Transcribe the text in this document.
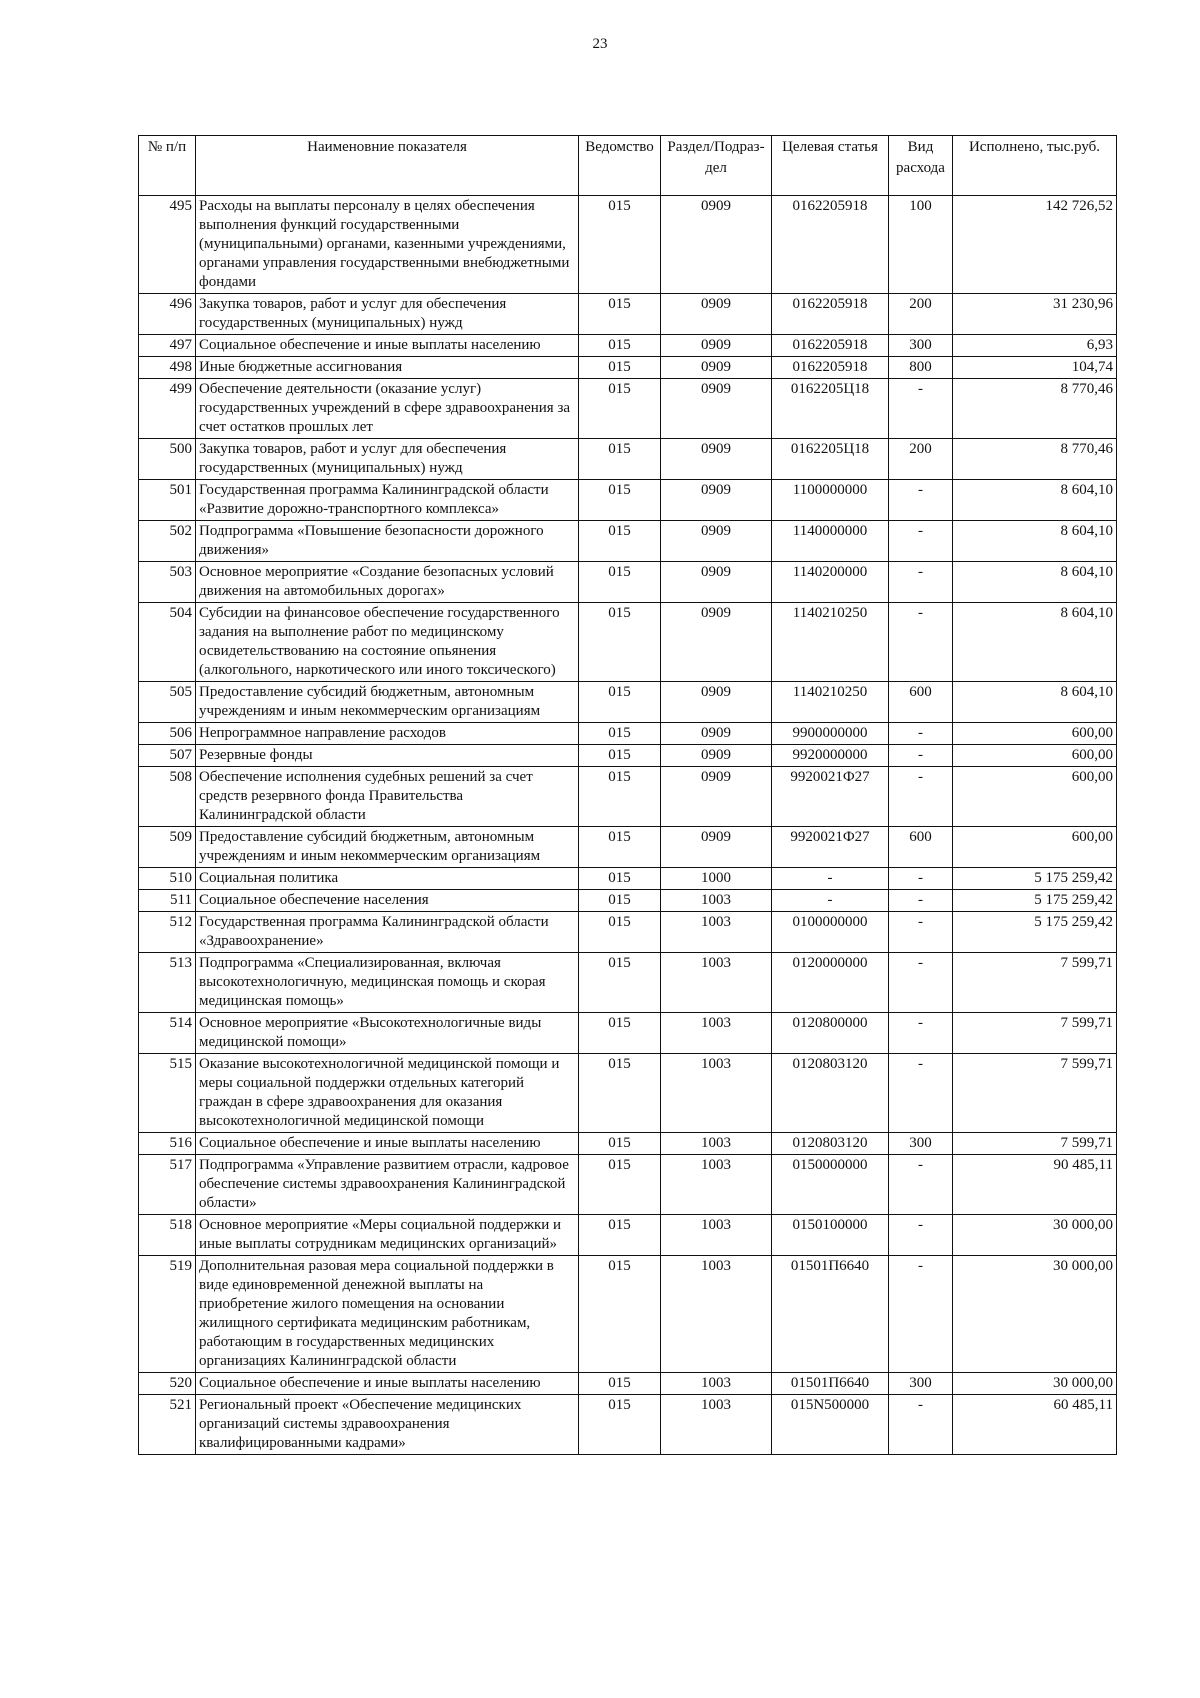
23
№ п/п	Наименовние показателя	Ведомство	Раздел/Подраз-дел	Целевая статья	Вид расхода	Исполнено, тыс.руб.
495	Расходы на выплаты персоналу в целях обеспечения выполнения функций государственными (муниципальными) органами, казенными учреждениями, органами управления государственными внебюджетными фондами	015	0909	0162205918	100	142 726,52
496	Закупка товаров, работ и услуг для обеспечения государственных (муниципальных) нужд	015	0909	0162205918	200	31 230,96
497	Социальное обеспечение и иные выплаты населению	015	0909	0162205918	300	6,93
498	Иные бюджетные ассигнования	015	0909	0162205918	800	104,74
499	Обеспечение деятельности (оказание услуг) государственных учреждений в сфере здравоохранения за счет остатков прошлых лет	015	0909	0162205Ц18	-	8 770,46
500	Закупка товаров, работ и услуг для обеспечения государственных (муниципальных) нужд	015	0909	0162205Ц18	200	8 770,46
501	Государственная программа Калининградской области «Развитие дорожно-транспортного комплекса»	015	0909	1100000000	-	8 604,10
502	Подпрограмма «Повышение безопасности дорожного движения»	015	0909	1140000000	-	8 604,10
503	Основное мероприятие «Создание безопасных условий движения на автомобильных дорогах»	015	0909	1140200000	-	8 604,10
504	Субсидии на финансовое обеспечение государственного задания на выполнение работ по медицинскому освидетельствованию на состояние опьянения (алкогольного, наркотического или иного токсического)	015	0909	1140210250	-	8 604,10
505	Предоставление субсидий бюджетным, автономным учреждениям и иным некоммерческим организациям	015	0909	1140210250	600	8 604,10
506	Непрограммное направление расходов	015	0909	9900000000	-	600,00
507	Резервные фонды	015	0909	9920000000	-	600,00
508	Обеспечение исполнения судебных решений за счет средств резервного фонда Правительства Калининградской области	015	0909	9920021Ф27	-	600,00
509	Предоставление субсидий бюджетным, автономным учреждениям и иным некоммерческим организациям	015	0909	9920021Ф27	600	600,00
510	Социальная политика	015	1000	-	-	5 175 259,42
511	Социальное обеспечение населения	015	1003	-	-	5 175 259,42
512	Государственная программа Калининградской области «Здравоохранение»	015	1003	0100000000	-	5 175 259,42
513	Подпрограмма «Специализированная, включая высокотехнологичную, медицинская помощь и скорая медицинская помощь»	015	1003	0120000000	-	7 599,71
514	Основное мероприятие «Высокотехнологичные виды медицинской помощи»	015	1003	0120800000	-	7 599,71
515	Оказание высокотехнологичной медицинской помощи и меры социальной поддержки отдельных категорий граждан в сфере здравоохранения для оказания высокотехнологичной медицинской помощи	015	1003	0120803120	-	7 599,71
516	Социальное обеспечение и иные выплаты населению	015	1003	0120803120	300	7 599,71
517	Подпрограмма «Управление развитием отрасли, кадровое обеспечение системы здравоохранения Калининградской области»	015	1003	0150000000	-	90 485,11
518	Основное мероприятие «Меры социальной поддержки и иные выплаты сотрудникам медицинских организаций»	015	1003	0150100000	-	30 000,00
519	Дополнительная разовая мера социальной поддержки в виде единовременной денежной выплаты на приобретение жилого помещения на основании жилищного сертификата медицинским работникам, работающим в государственных медицинских организациях Калининградской области	015	1003	01501П6640	-	30 000,00
520	Социальное обеспечение и иные выплаты населению	015	1003	01501П6640	300	30 000,00
521	Региональный проект «Обеспечение медицинских организаций системы здравоохранения квалифицированными кадрами»	015	1003	015N500000	-	60 485,11
